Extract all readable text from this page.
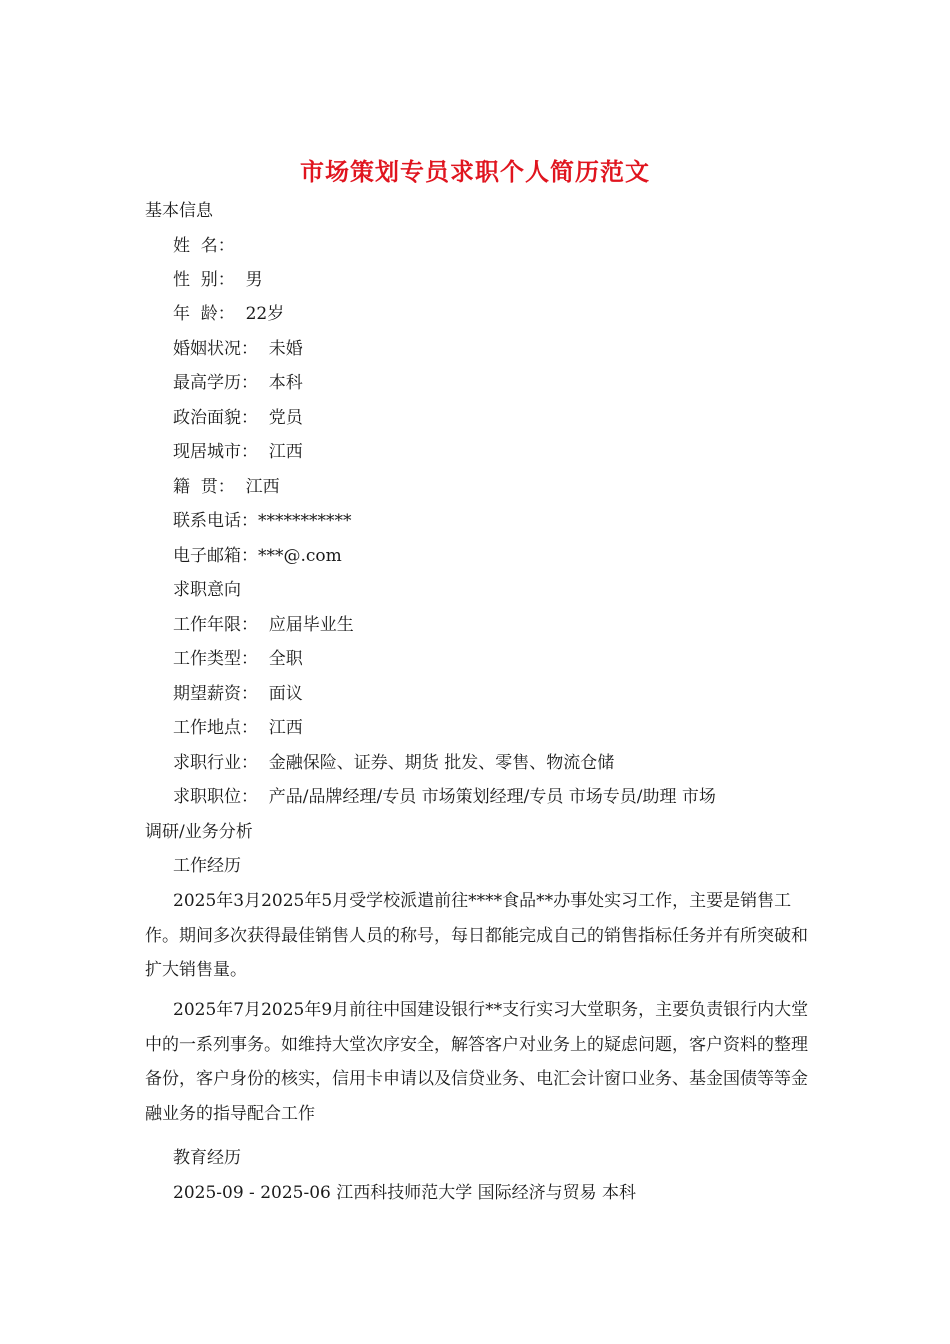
市场策划专员求职个人简历范文
基本信息
姓  名：
性  别：  男
年  龄：  22岁
婚姻状况：  未婚
最高学历：  本科
政治面貌：  党员
现居城市：  江西
籍  贯：  江西
联系电话：***********
电子邮箱：***@.com
求职意向
工作年限：  应届毕业生
工作类型：  全职
期望薪资：  面议
工作地点：  江西
求职行业：  金融保险、证券、期货 批发、零售、物流仓储
求职职位：  产品/品牌经理/专员 市场策划经理/专员 市场专员/助理 市场
调研/业务分析
工作经历
2025年3月2025年5月受学校派遣前往****食品**办事处实习工作，主要是销售工作。期间多次获得最佳销售人员的称号，每日都能完成自己的销售指标任务并有所突破和扩大销售量。
2025年7月2025年9月前往中国建设银行**支行实习大堂职务，主要负责银行内大堂中的一系列事务。如维持大堂次序安全，解答客户对业务上的疑虑问题，客户资料的整理备份，客户身份的核实，信用卡申请以及信贷业务、电汇会计窗口业务、基金国债等等金融业务的指导配合工作
教育经历
2025-09 - 2025-06 江西科技师范大学 国际经济与贸易 本科
